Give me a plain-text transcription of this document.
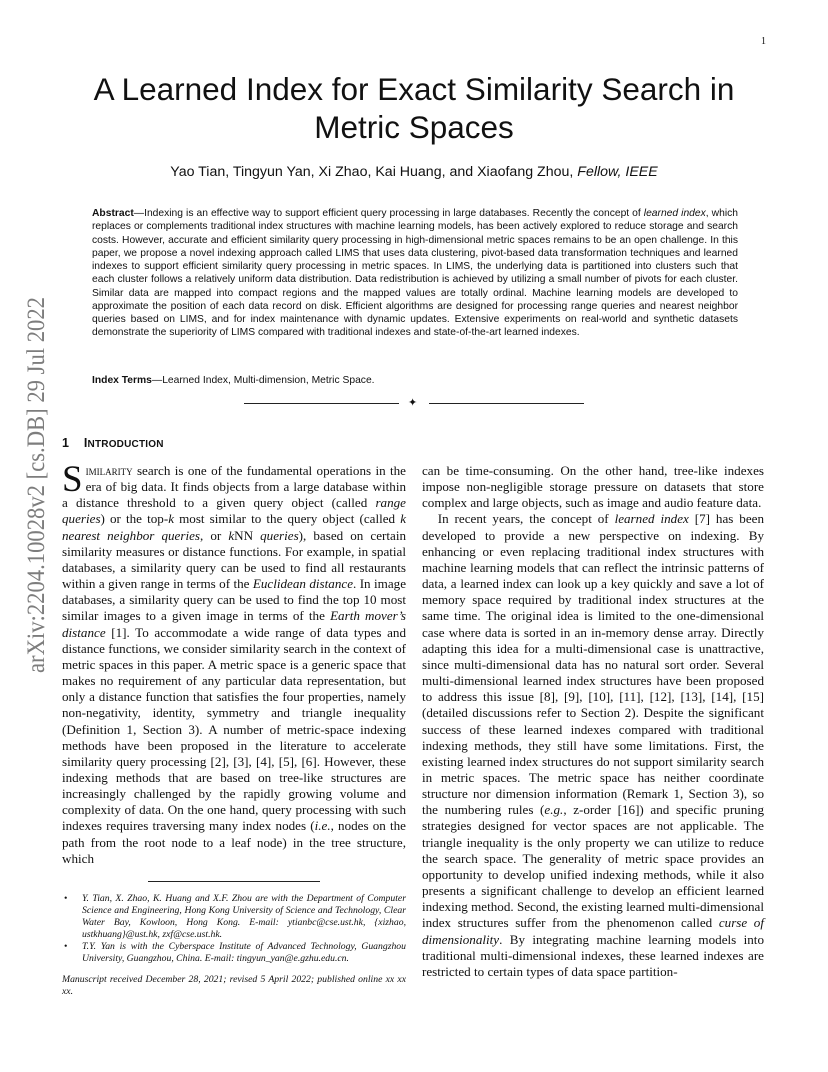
1
arXiv:2204.10028v2 [cs.DB] 29 Jul 2022
A Learned Index for Exact Similarity Search in
Metric Spaces
Yao Tian, Tingyun Yan, Xi Zhao, Kai Huang, and Xiaofang Zhou, Fellow, IEEE
Abstract—Indexing is an effective way to support efficient query processing in large databases. Recently the concept of learned index, which replaces or complements traditional index structures with machine learning models, has been actively explored to reduce storage and search costs. However, accurate and efficient similarity query processing in high-dimensional metric spaces remains to be an open challenge. In this paper, we propose a novel indexing approach called LIMS that uses data clustering, pivot-based data transformation techniques and learned indexes to support efficient similarity query processing in metric spaces. In LIMS, the underlying data is partitioned into clusters such that each cluster follows a relatively uniform data distribution. Data redistribution is achieved by utilizing a small number of pivots for each cluster. Similar data are mapped into compact regions and the mapped values are totally ordinal. Machine learning models are developed to approximate the position of each data record on disk. Efficient algorithms are designed for processing range queries and nearest neighbor queries based on LIMS, and for index maintenance with dynamic updates. Extensive experiments on real-world and synthetic datasets demonstrate the superiority of LIMS compared with traditional indexes and state-of-the-art learned indexes.
Index Terms—Learned Index, Multi-dimension, Metric Space.
✦
1 INTRODUCTION

Similarity search is one of the fundamental operations in the era of big data. It finds objects from a large database within a distance threshold to a given query object (called range queries) or the top-k most similar to the query object (called k nearest neighbor queries, or kNN queries), based on certain similarity measures or distance functions. For example, in spatial databases, a similarity query can be used to find all restaurants within a given range in terms of the Euclidean distance. In image databases, a similarity query can be used to find the top 10 most similar images to a given image in terms of the Earth mover’s distance [1]. To accommodate a wide range of data types and distance functions, we consider similarity search in the context of metric spaces in this paper. A metric space is a generic space that makes no requirement of any particular data representation, but only a distance function that satisfies the four properties, namely non-negativity, identity, symmetry and triangle inequality (Definition 1, Section 3). A number of metric-space indexing methods have been proposed in the literature to accelerate similarity query processing [2], [3], [4], [5], [6]. However, these indexing methods that are based on tree-like structures are increasingly challenged by the rapidly growing volume and complexity of data. On the one hand, query processing with such indexes requires traversing many index nodes (i.e., nodes on the path from the root node to a leaf node) in the tree structure, which

• Y. Tian, X. Zhao, K. Huang and X.F. Zhou are with the Department of Computer Science and Engineering, Hong Kong University of Science and Technology, Clear Water Bay, Kowloon, Hong Kong. E-mail: ytianbc@cse.ust.hk, {xizhao, ustkhuang}@ust.hk, zxf@cse.ust.hk.
• T.Y. Yan is with the Cyberspace Institute of Advanced Technology, Guangzhou University, Guangzhou, China. E-mail: tingyun_yan@e.gzhu.edu.cn.
Manuscript received December 28, 2021; revised 5 April 2022; published online xx xx xx.

can be time-consuming. On the other hand, tree-like indexes impose non-negligible storage pressure on datasets that store complex and large objects, such as image and audio feature data.

In recent years, the concept of learned index [7] has been developed to provide a new perspective on indexing. By enhancing or even replacing traditional index structures with machine learning models that can reflect the intrinsic patterns of data, a learned index can look up a key quickly and save a lot of memory space required by traditional index structures at the same time. The original idea is limited to the one-dimensional case where data is sorted in an in-memory dense array. Directly adapting this idea for a multi-dimensional case is unattractive, since multi-dimensional data has no natural sort order. Several multi-dimensional learned index structures have been proposed to address this issue [8], [9], [10], [11], [12], [13], [14], [15] (detailed discussions refer to Section 2). Despite the significant success of these learned indexes compared with traditional indexing methods, they still have some limitations. First, the existing learned index structures do not support similarity search in metric spaces. The metric space has neither coordinate structure nor dimension information (Remark 1, Section 3), so the numbering rules (e.g., z-order [16]) and specific pruning strategies designed for vector spaces are not applicable. The triangle inequality is the only property we can utilize to reduce the search space. The generality of metric space provides an opportunity to develop unified indexing methods, while it also presents a significant challenge to develop an efficient learned indexing method. Second, the existing learned multi-dimensional index structures suffer from the phenomenon called curse of dimensionality. By integrating machine learning models into traditional multi-dimensional indexes, these learned indexes are restricted to certain types of data space partition-
